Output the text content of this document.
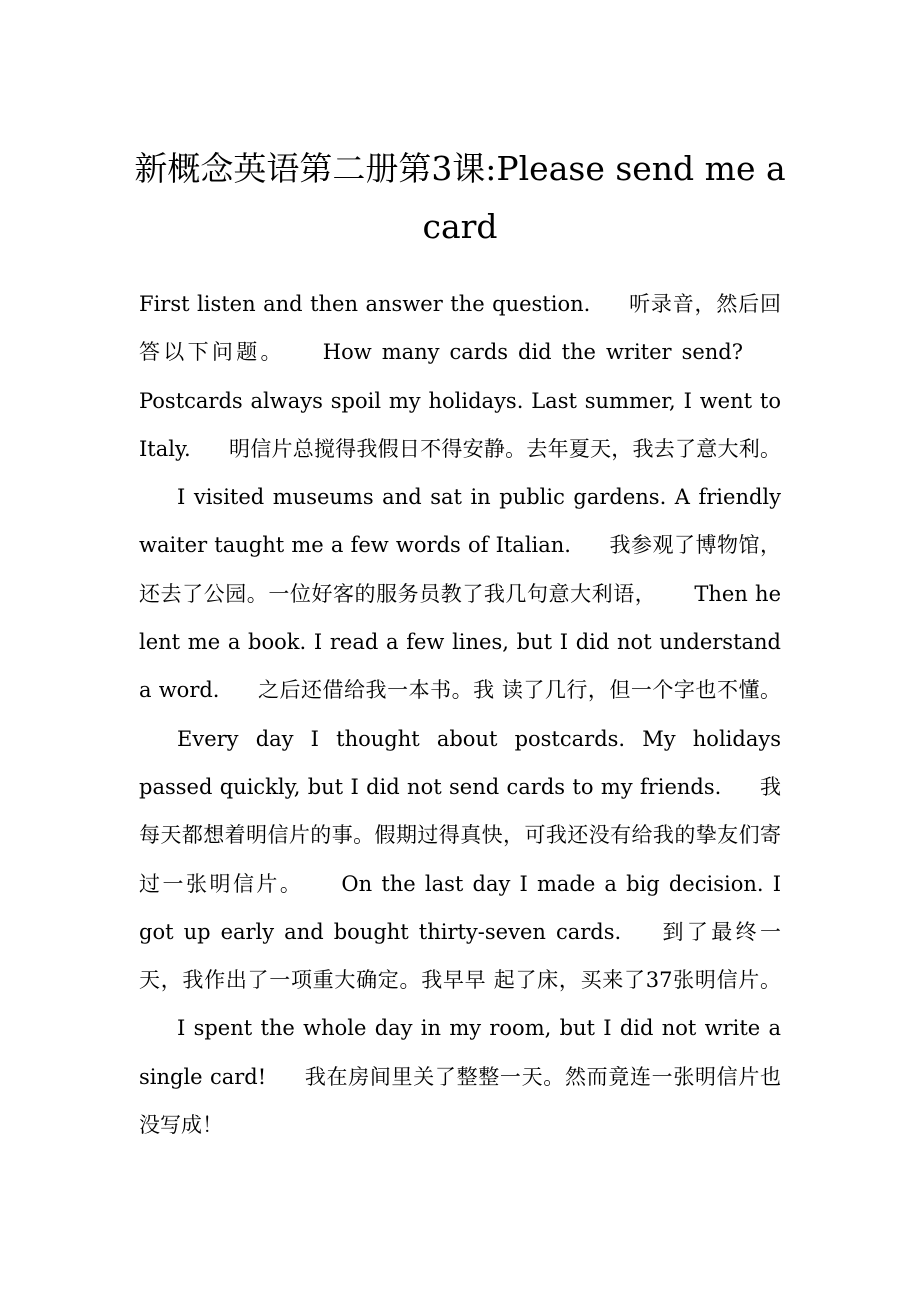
新概念英语第二册第3课:Please send me a card

First listen and then answer the question. 听录音，然后回答以下问题。 How many cards did the writer send?Postcards always spoil my holidays. Last summer, I went to Italy. 明信片总搅得我假日不得安静。去年夏天，我去了意大利。I visited museums and sat in public gardens. A friendly waiter taught me a few words of Italian. 我参观了博物馆，还去了公园。一位好客的服务员教了我几句意大利语， Then he lent me a book. I read a few lines, but I did not understand a word. 之后还借给我一本书。我 读了几行，但一个字也不懂。Every day I thought about postcards. My holidays passed quickly, but I did not send cards to my friends. 我每天都想着明信片的事。假期过得真快，可我还没有给我的挚友们寄过一张明信片。 On the last day I made a big decision. I got up early and bought thirty-seven cards. 到了最终一天，我作出了一项重大确定。我早早 起了床，买来了37张明信片。I spent the whole day in my room, but I did not write a single card! 我在房间里关了整整一天。然而竟连一张明信片也没写成！
